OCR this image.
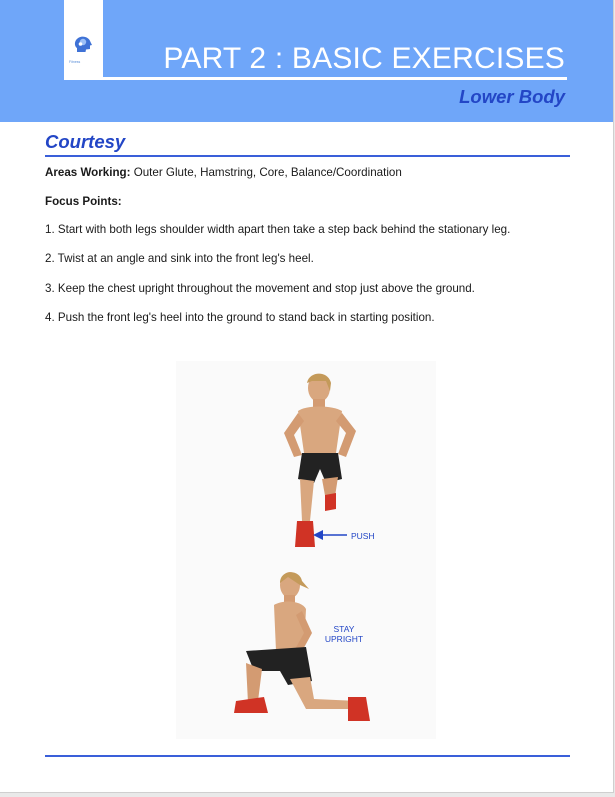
Fitness	PART 2 : BASIC EXERCISES
Lower Body
Courtesy
Areas Working: Outer Glute, Hamstring, Core, Balance/Coordination
Focus Points:
1. Start with both legs shoulder width apart then take a step back behind the stationary leg.
2. Twist at an angle and sink into the front leg's heel.
3. Keep the chest upright throughout the movement and stop just above the ground.
4. Push the front leg's heel into the ground to stand back in starting position.
PUSH
STAY
UPRIGHT
